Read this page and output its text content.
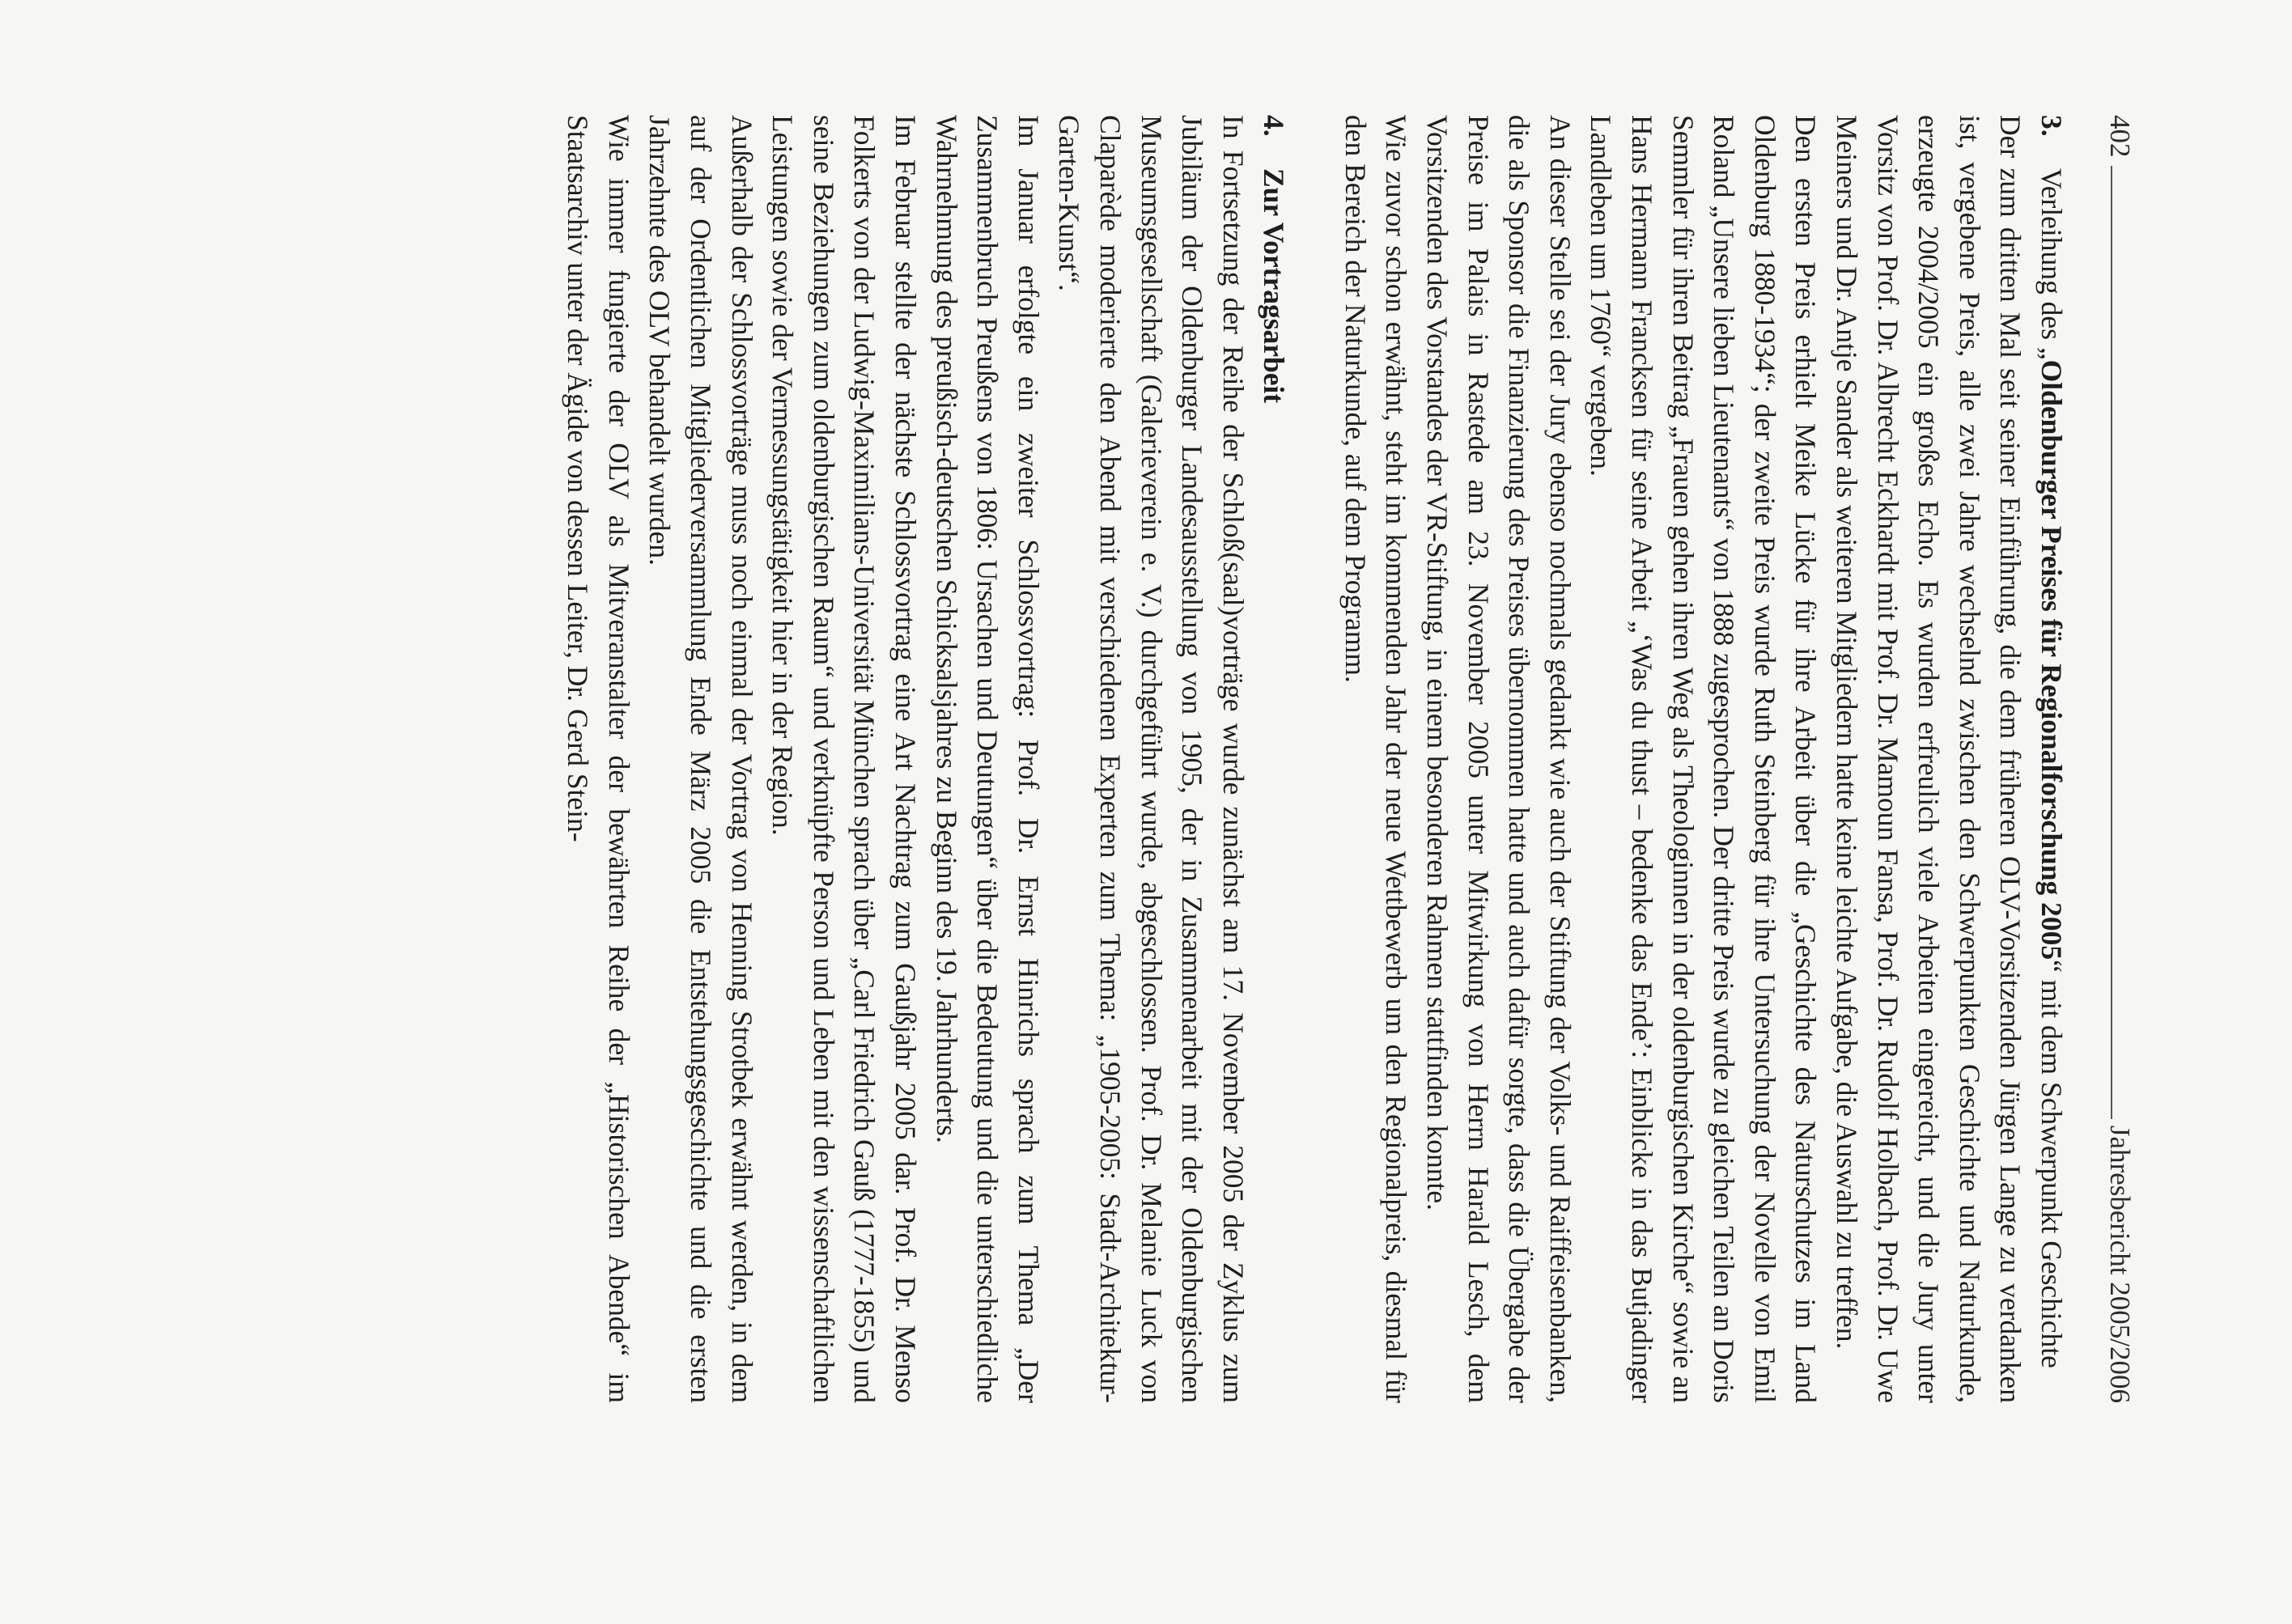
402
Jahresbericht 2005/2006
3.
Verleihung des „Oldenburger Preises für Regionalforschung 2005“ mit dem Schwerpunkt Geschichte

Der zum dritten Mal seit seiner Einführung, die dem früheren OLV-Vorsitzenden Jürgen Lange zu verdanken ist, vergebene Preis, alle zwei Jahre wechselnd zwischen den Schwerpunkten Geschichte und Naturkunde, erzeugte 2004/2005 ein großes Echo. Es wurden erfreulich viele Arbeiten eingereicht, und die Jury unter Vorsitz von Prof. Dr. Albrecht Eckhardt mit Prof. Dr. Mamoun Fansa, Prof. Dr. Rudolf Holbach, Prof. Dr. Uwe Meiners und Dr. Antje Sander als weiteren Mitgliedern hatte keine leichte Aufgabe, die Auswahl zu treffen.

Den ersten Preis erhielt Meike Lücke für ihre Arbeit über die „Geschichte des Naturschutzes im Land Oldenburg 1880-1934“; der zweite Preis wurde Ruth Steinberg für ihre Untersuchung der Novelle von Emil Roland „Unsere lieben Lieutenants“ von 1888 zugesprochen. Der dritte Preis wurde zu gleichen Teilen an Doris Semmler für ihren Beitrag „Frauen gehen ihren Weg als Theologinnen in der oldenburgischen Kirche“ sowie an Hans Hermann Francksen für seine Arbeit „‘Was du thust – bedenke das Ende’: Einblicke in das Butjadinger Landleben um 1760“ vergeben.

An dieser Stelle sei der Jury ebenso nochmals gedankt wie auch der Stiftung der Volks- und Raiffeisenbanken, die als Sponsor die Finanzierung des Preises übernommen hatte und auch dafür sorgte, dass die Übergabe der Preise im Palais in Rastede am 23. November 2005 unter Mitwirkung von Herrn Harald Lesch, dem Vorsitzenden des Vorstandes der VR-Stiftung, in einem besonderen Rahmen stattfinden konnte.

Wie zuvor schon erwähnt, steht im kommenden Jahr der neue Wettbewerb um den Regionalpreis, diesmal für den Bereich der Naturkunde, auf dem Programm.

4.
Zur Vortragsarbeit

In Fortsetzung der Reihe der Schloß(saal)vorträge wurde zunächst am 17. November 2005 der Zyklus zum Jubiläum der Oldenburger Landesausstellung von 1905, der in Zusammenarbeit mit der Oldenburgischen Museumsgesellschaft (Galerieverein e. V.) durchgeführt wurde, abgeschlossen. Prof. Dr. Melanie Luck von Claparède moderierte den Abend mit verschiedenen Experten zum Thema: „1905-2005: Stadt-Architektur-Garten-Kunst“.

Im Januar erfolgte ein zweiter Schlossvortrag: Prof. Dr. Ernst Hinrichs sprach zum Thema „Der Zusammenbruch Preußens von 1806: Ursachen und Deutungen“ über die Bedeutung und die unterschiedliche Wahrnehmung des preußisch-deutschen Schicksalsjahres zu Beginn des 19. Jahrhunderts.

Im Februar stellte der nächste Schlossvortrag eine Art Nachtrag zum Gaußjahr 2005 dar. Prof. Dr. Menso Folkerts von der Ludwig-Maximilians-Universität München sprach über „Carl Friedrich Gauß (1777-1855) und seine Beziehungen zum oldenburgischen Raum“ und verknüpfte Person und Leben mit den wissenschaftlichen Leistungen sowie der Vermessungstätigkeit hier in der Region.

Außerhalb der Schlossvorträge muss noch einmal der Vortrag von Henning Strotbek erwähnt werden, in dem auf der Ordentlichen Mitgliederversammlung Ende März 2005 die Entstehungsgeschichte und die ersten Jahrzehnte des OLV behandelt wurden.

Wie immer fungierte der OLV als Mitveranstalter der bewährten Reihe der „Historischen Abende“ im Staatsarchiv unter der Ägide von dessen Leiter, Dr. Gerd Stein-
